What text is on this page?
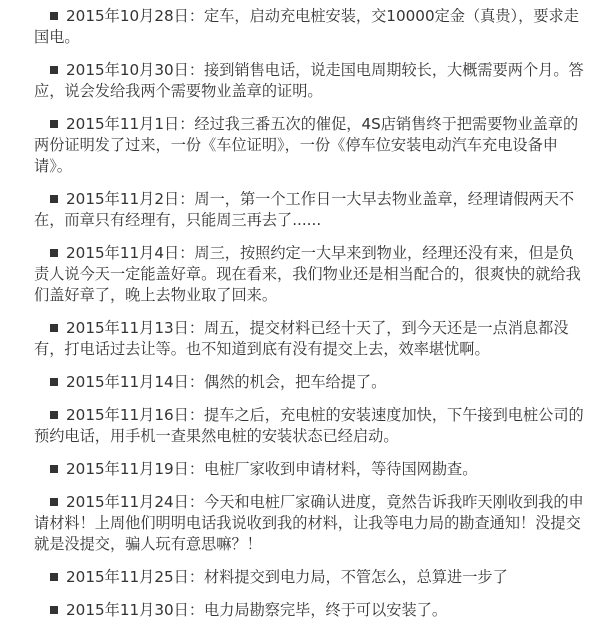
2015年10月28日：定车，启动充电桩安装，交10000定金（真贵），要求走国电。

2015年10月30日：接到销售电话，说走国电周期较长，大概需要两个月。答应，说会发给我两个需要物业盖章的证明。

2015年11月1日：经过我三番五次的催促，4S店销售终于把需要物业盖章的两份证明发了过来，一份《车位证明》，一份《停车位安装电动汽车充电设备申请》。

2015年11月2日：周一，第一个工作日一大早去物业盖章，经理请假两天不在，而章只有经理有，只能周三再去了......

2015年11月4日：周三，按照约定一大早来到物业，经理还没有来，但是负责人说今天一定能盖好章。现在看来，我们物业还是相当配合的，很爽快的就给我们盖好章了，晚上去物业取了回来。

2015年11月13日：周五，提交材料已经十天了，到今天还是一点消息都没有，打电话过去让等。也不知道到底有没有提交上去，效率堪忧啊。

2015年11月14日：偶然的机会，把车给提了。

2015年11月16日：提车之后，充电桩的安装速度加快，下午接到电桩公司的预约电话，用手机一查果然电桩的安装状态已经启动。

2015年11月19日：电桩厂家收到申请材料，等待国网勘查。

2015年11月24日：今天和电桩厂家确认进度，竟然告诉我昨天刚收到我的申请材料！上周他们明明电话我说收到我的材料，让我等电力局的勘查通知！没提交就是没提交，骗人玩有意思嘛？！

2015年11月25日：材料提交到电力局，不管怎么，总算进一步了

2015年11月30日：电力局勘察完毕，终于可以安装了。
